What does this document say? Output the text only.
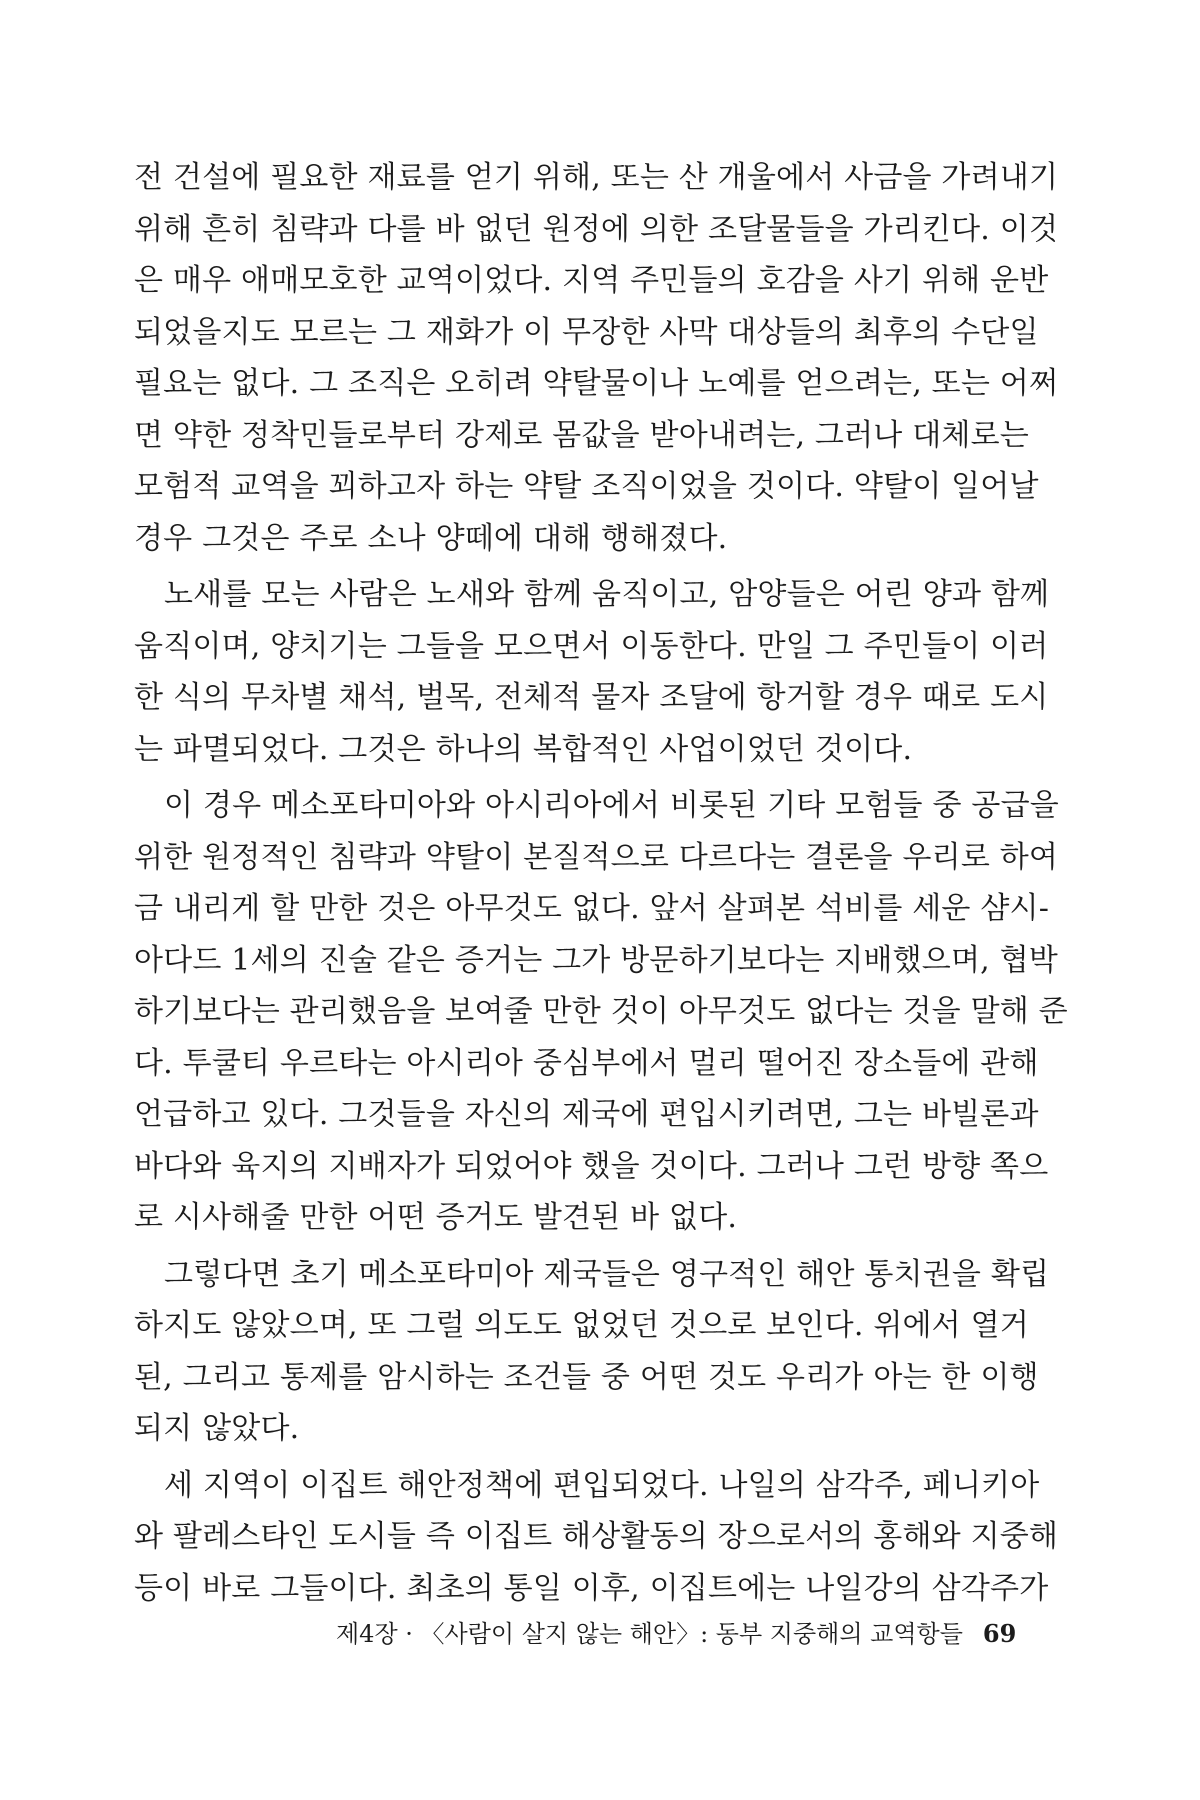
전 건설에 필요한 재료를 얻기 위해, 또는 산 개울에서 사금을 가려내기
위해 흔히 침략과 다를 바 없던 원정에 의한 조달물들을 가리킨다. 이것
은 매우 애매모호한 교역이었다. 지역 주민들의 호감을 사기 위해 운반
되었을지도 모르는 그 재화가 이 무장한 사막 대상들의 최후의 수단일
필요는 없다. 그 조직은 오히려 약탈물이나 노예를 얻으려는, 또는 어쩌
면 약한 정착민들로부터 강제로 몸값을 받아내려는, 그러나 대체로는
모험적 교역을 꾀하고자 하는 약탈 조직이었을 것이다. 약탈이 일어날
경우 그것은 주로 소나 양떼에 대해 행해졌다.
노새를 모는 사람은 노새와 함께 움직이고, 암양들은 어린 양과 함께
움직이며, 양치기는 그들을 모으면서 이동한다. 만일 그 주민들이 이러
한 식의 무차별 채석, 벌목, 전체적 물자 조달에 항거할 경우 때로 도시
는 파멸되었다. 그것은 하나의 복합적인 사업이었던 것이다.
이 경우 메소포타미아와 아시리아에서 비롯된 기타 모험들 중 공급을
위한 원정적인 침략과 약탈이 본질적으로 다르다는 결론을 우리로 하여
금 내리게 할 만한 것은 아무것도 없다. 앞서 살펴본 석비를 세운 샴시-
아다드 1세의 진술 같은 증거는 그가 방문하기보다는 지배했으며, 협박
하기보다는 관리했음을 보여줄 만한 것이 아무것도 없다는 것을 말해 준
다. 투쿨티 우르타는 아시리아 중심부에서 멀리 떨어진 장소들에 관해
언급하고 있다. 그것들을 자신의 제국에 편입시키려면, 그는 바빌론과
바다와 육지의 지배자가 되었어야 했을 것이다. 그러나 그런 방향 쪽으
로 시사해줄 만한 어떤 증거도 발견된 바 없다.
그렇다면 초기 메소포타미아 제국들은 영구적인 해안 통치권을 확립
하지도 않았으며, 또 그럴 의도도 없었던 것으로 보인다. 위에서 열거
된, 그리고 통제를 암시하는 조건들 중 어떤 것도 우리가 아는 한 이행
되지 않았다.
세 지역이 이집트 해안정책에 편입되었다. 나일의 삼각주, 페니키아
와 팔레스타인 도시들 즉 이집트 해상활동의 장으로서의 홍해와 지중해
등이 바로 그들이다. 최초의 통일 이후, 이집트에는 나일강의 삼각주가
제4장 · 〈사람이 살지 않는 해안〉: 동부 지중해의 교역항들 69
